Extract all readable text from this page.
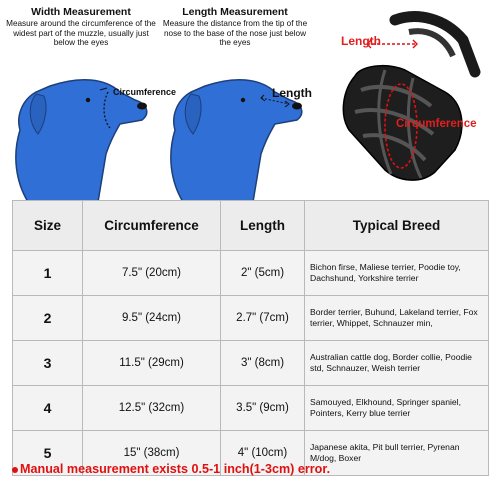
Width Measurement
Measure around the circumference of the widest part of the muzzle, usually just below the eyes
Length Measurement
Measure the distance from the tip of the nose to the base of the nose just below the eyes
Circumference	Length
Length
Circumference
Size	Circumference	Length	Typical Breed
1	7.5" (20cm)	2" (5cm)	Bichon firse, Maliese terrier, Poodie toy, Dachshund, Yorkshire terrier
2	9.5" (24cm)	2.7" (7cm)	Border terrier, Buhund, Lakeland terrier, Fox terrier, Whippet, Schnauzer min,
3	11.5" (29cm)	3" (8cm)	Australian cattle dog, Border collie, Poodie std, Schnauzer, Weish terrier
4	12.5" (32cm)	3.5" (9cm)	Samouyed, Elkhound, Springer spaniel, Pointers, Kerry blue terrier
5	15" (38cm)	4" (10cm)	Japanese akita, Pit bull terrier, Pyrenan M/dog, Boxer
Manual measurement exists 0.5-1 inch(1-3cm) error.
